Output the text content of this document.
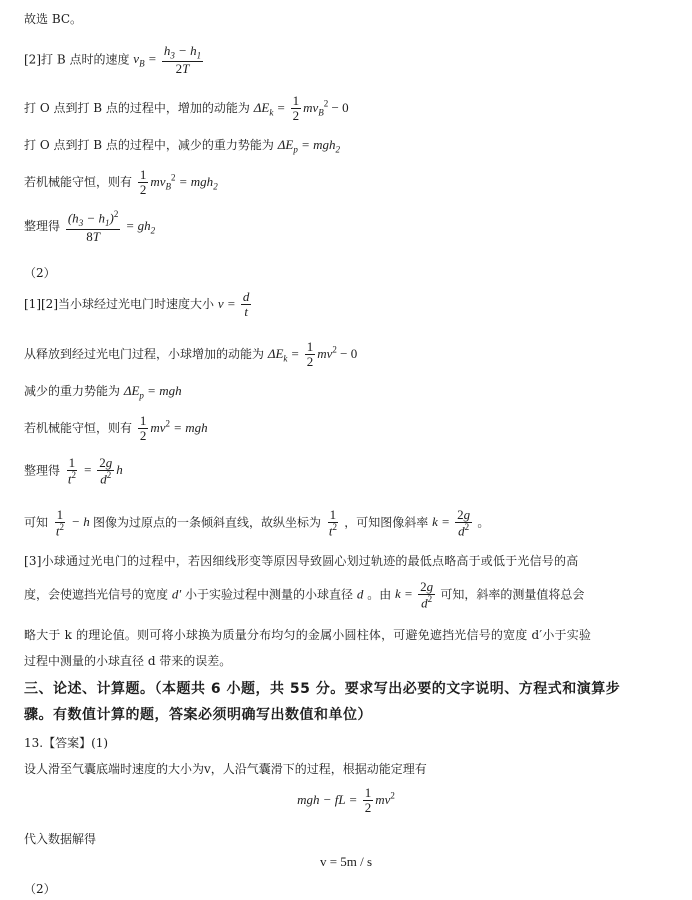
故选 BC。
[2]打 B 点时的速度 $v_B = \frac{h_3 - h_1}{2T}$
打 O 点到打 B 点的过程中，增加的动能为 $\Delta E_k = \frac{1}{2} mv_B^2 - 0$
打 O 点到打 B 点的过程中，减少的重力势能为 $\Delta E_p = mgh_2$
若机械能守恒，则有 $\frac{1}{2} mv_B^2 = mgh_2$
整理得 $\frac{(h_3 - h_1)^2}{8T} = gh_2$
（2）
[1][2]当小球经过光电门时速度大小 $v = \frac{d}{t}$
从释放到经过光电门过程，小球增加的动能为 $\Delta E_k = \frac{1}{2} mv^2 - 0$
减少的重力势能为 $\Delta E_p$ = mgh
若机械能守恒，则有 $\frac{1}{2} mv^2$ = mgh
整理得 $\frac{1}{t^2} = \frac{2g}{d^2}$ h
可知 $\frac{1}{t^2} - h$ 图像为过原点的一条倾斜直线，故纵坐标为 $\frac{1}{t^2}$ ，可知图像斜率 $k = \frac{2g}{d^2}$ 。
[3]小球通过光电门的过程中，若因细线形变等原因导致圆心划过轨迹的最低点略高于或低于光信号的高
度，会使遮挡光信号的宽度 d′ 小于实验过程中测量的小球直径 d 。由 $k = \frac{2g}{d^2}$ 可知，斜率的测量值将总会
略大于 k 的理论值。则可将小球换为质量分布均匀的金属小圆柱体，可避免遮挡光信号的宽度 d′小于实验
过程中测量的小球直径 d 带来的误差。
三、论述、计算题。（本题共 6 小题，共 55 分。要求写出必要的文字说明、方程式和演算步
骤。有数值计算的题，答案必须明确写出数值和单位）
13.【答案】(1)
设人滑至气囊底端时速度的大小为v，人沿气囊滑下的过程，根据动能定理有
mgh − fL = $\frac{1}{2} mv^2$
代入数据解得
v = 5m / s
（2）
